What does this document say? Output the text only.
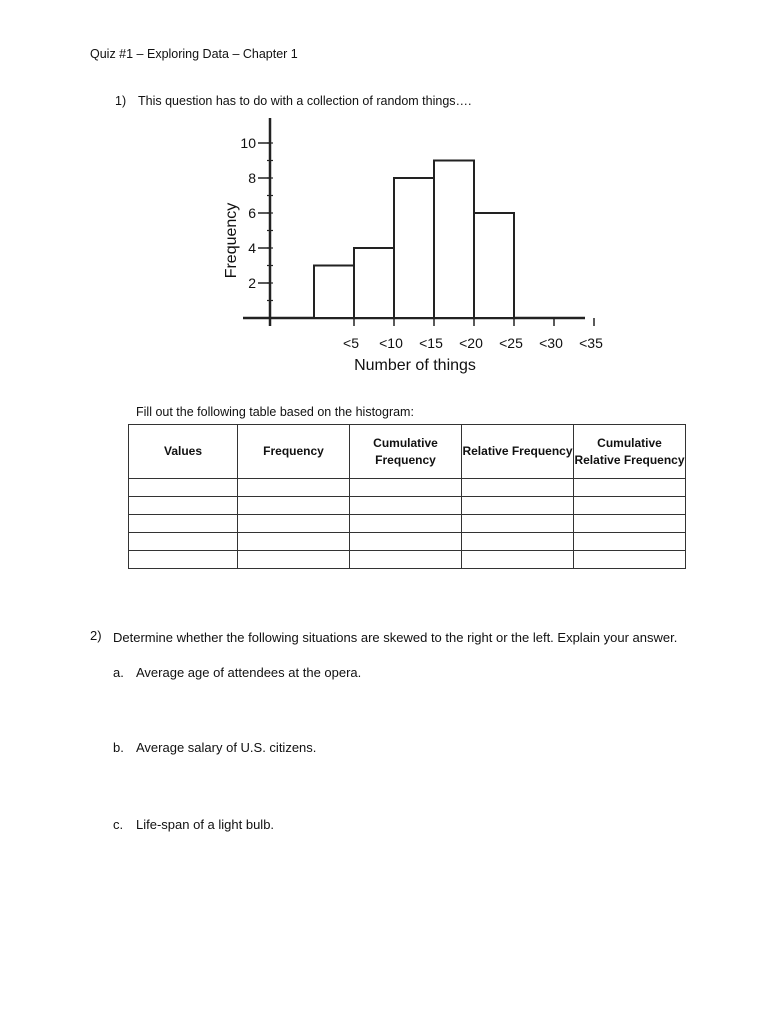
Quiz #1 – Exploring Data – Chapter 1
1) This question has to do with a collection of random things….
2
4
6
8
10
Frequency
<5 <10 <15 <20 <25 <30 <35
Number of things
Fill out the following table based on the histogram:
Values	Frequency	Cumulative Frequency	Relative Frequency	Cumulative Relative Frequency

2) Determine whether the following situations are skewed to the right or the left. Explain your answer.
a. Average age of attendees at the opera.
b. Average salary of U.S. citizens.
c. Life-span of a light bulb.
